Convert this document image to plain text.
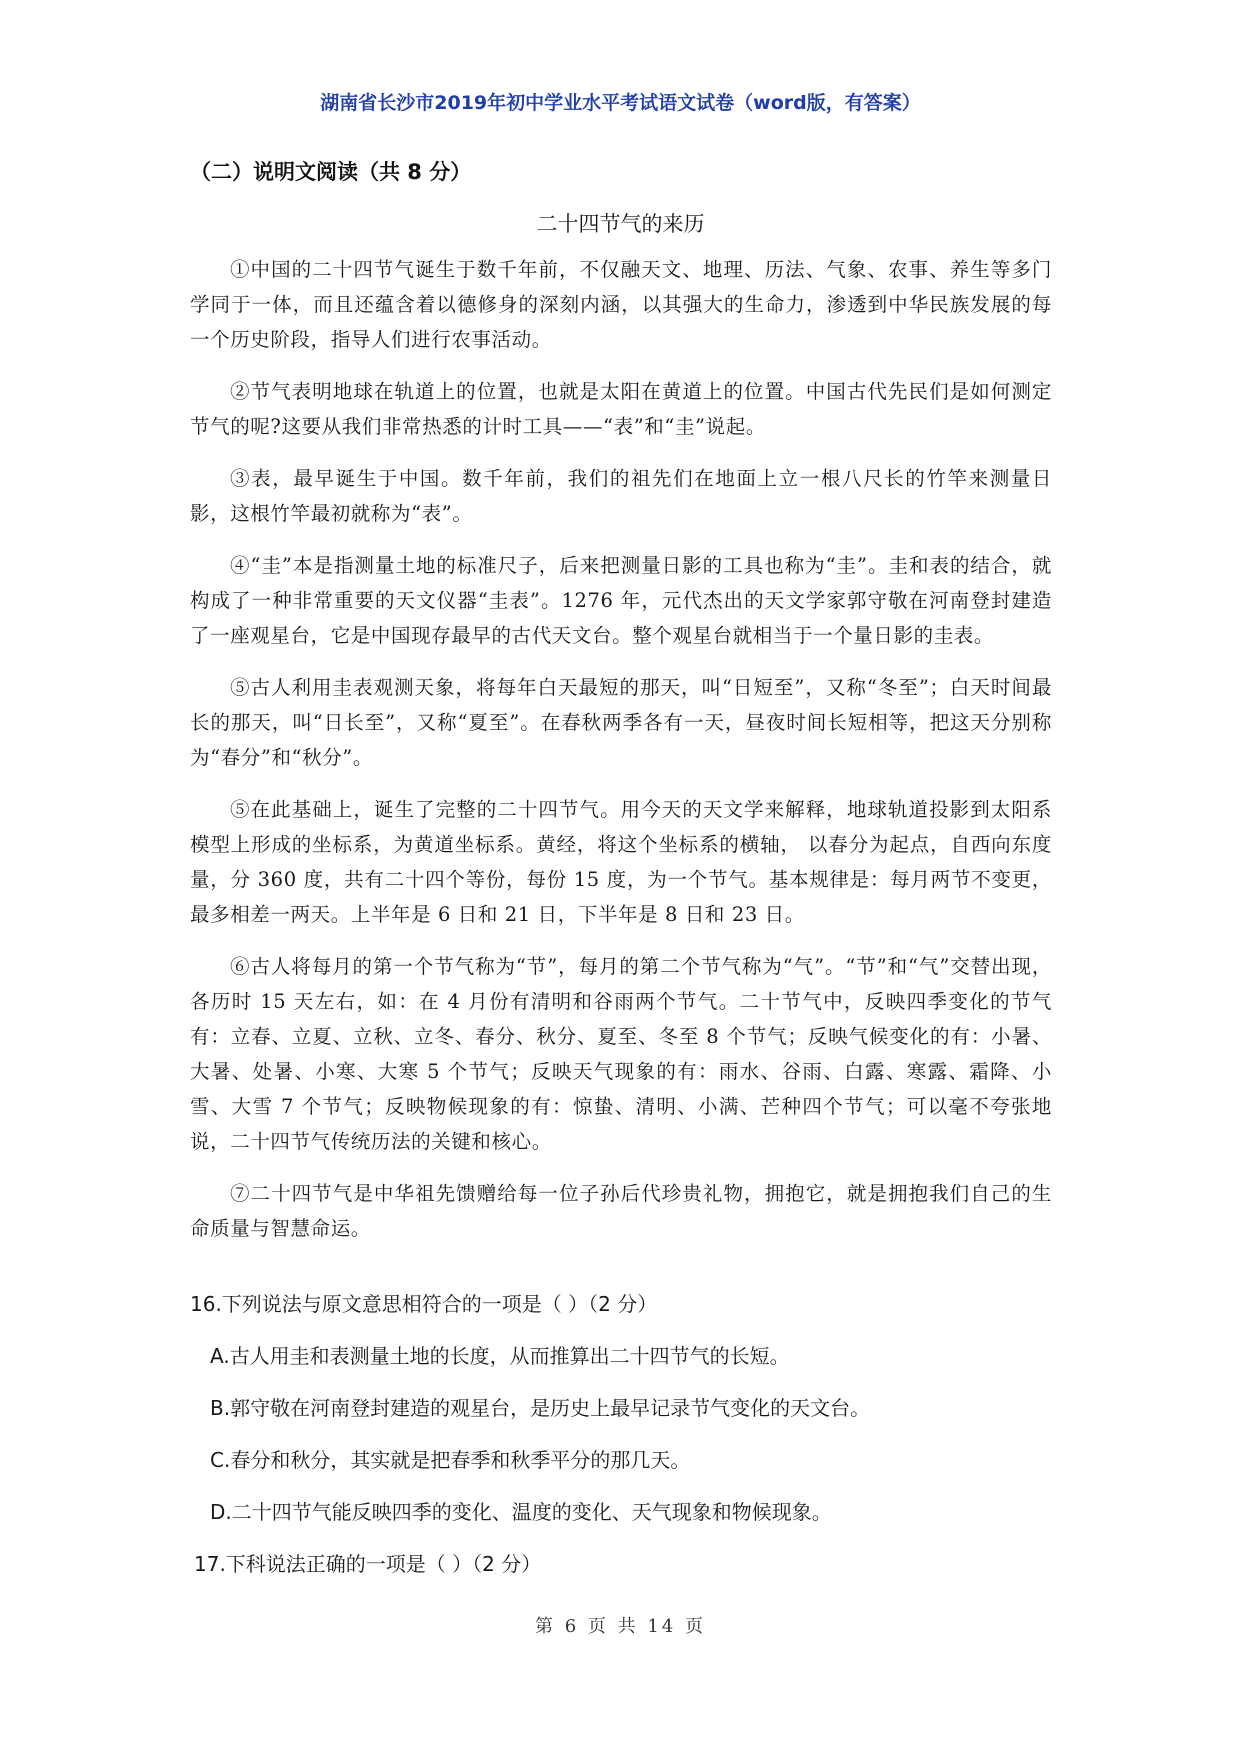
湖南省长沙市2019年初中学业水平考试语文试卷（word版，有答案）
（二）说明文阅读（共 8 分）
二十四节气的来历

①中国的二十四节气诞生于数千年前，不仅融天文、地理、历法、气象、农事、养生等多门学同于一体，而且还蕴含着以德修身的深刻内涵，以其强大的生命力，渗透到中华民族发展的每一个历史阶段，指导人们进行农事活动。

②节气表明地球在轨道上的位置，也就是太阳在黄道上的位置。中国古代先民们是如何测定节气的呢?这要从我们非常热悉的计时工具——“表”和“圭”说起。

③表，最早诞生于中国。数千年前，我们的祖先们在地面上立一根八尺长的竹竿来测量日影，这根竹竿最初就称为“表”。

④“圭”本是指测量土地的标准尺子，后来把测量日影的工具也称为“圭”。圭和表的结合，就构成了一种非常重要的天文仪器“圭表”。1276 年，元代杰出的天文学家郭守敬在河南登封建造了一座观星台，它是中国现存最早的古代天文台。整个观星台就相当于一个量日影的圭表。

⑤古人利用圭表观测天象，将每年白天最短的那天，叫“日短至”，又称“冬至”；白天时间最长的那天，叫“日长至”，又称“夏至”。在春秋两季各有一天，昼夜时间长短相等，把这天分别称为“春分”和“秋分”。

⑤在此基础上，诞生了完整的二十四节气。用今天的天文学来解释，地球轨道投影到太阳系模型上形成的坐标系，为黄道坐标系。黄经，将这个坐标系的横轴， 以春分为起点，自西向东度量，分 360 度，共有二十四个等份，每份 15 度，为一个节气。基本规律是：每月两节不变更，最多相差一两天。上半年是 6 日和 21 日，下半年是 8 日和 23 日。

⑥古人将每月的第一个节气称为“节”，每月的第二个节气称为“气”。“节”和“气”交替出现，各历时 15 天左右，如：在 4 月份有清明和谷雨两个节气。二十节气中，反映四季变化的节气有：立春、立夏、立秋、立冬、春分、秋分、夏至、冬至 8 个节气；反映气候变化的有：小暑、大暑、处暑、小寒、大寒 5 个节气；反映天气现象的有：雨水、谷雨、白露、寒露、霜降、小雪、大雪 7 个节气；反映物候现象的有：惊蛰、清明、小满、芒种四个节气；可以毫不夸张地说，二十四节气传统历法的关键和核心。

⑦二十四节气是中华祖先馈赠给每一位子孙后代珍贵礼物，拥抱它，就是拥抱我们自己的生命质量与智慧命运。

16.下列说法与原文意思相符合的一项是（ ）（2 分）

A.古人用圭和表测量土地的长度，从而推算出二十四节气的长短。

B.郭守敬在河南登封建造的观星台，是历史上最早记录节气变化的天文台。

C.春分和秋分，其实就是把春季和秋季平分的那几天。

D.二十四节气能反映四季的变化、温度的变化、天气现象和物候现象。

17.下科说法正确的一项是（ ）（2 分）

第 6 页 共 14 页
